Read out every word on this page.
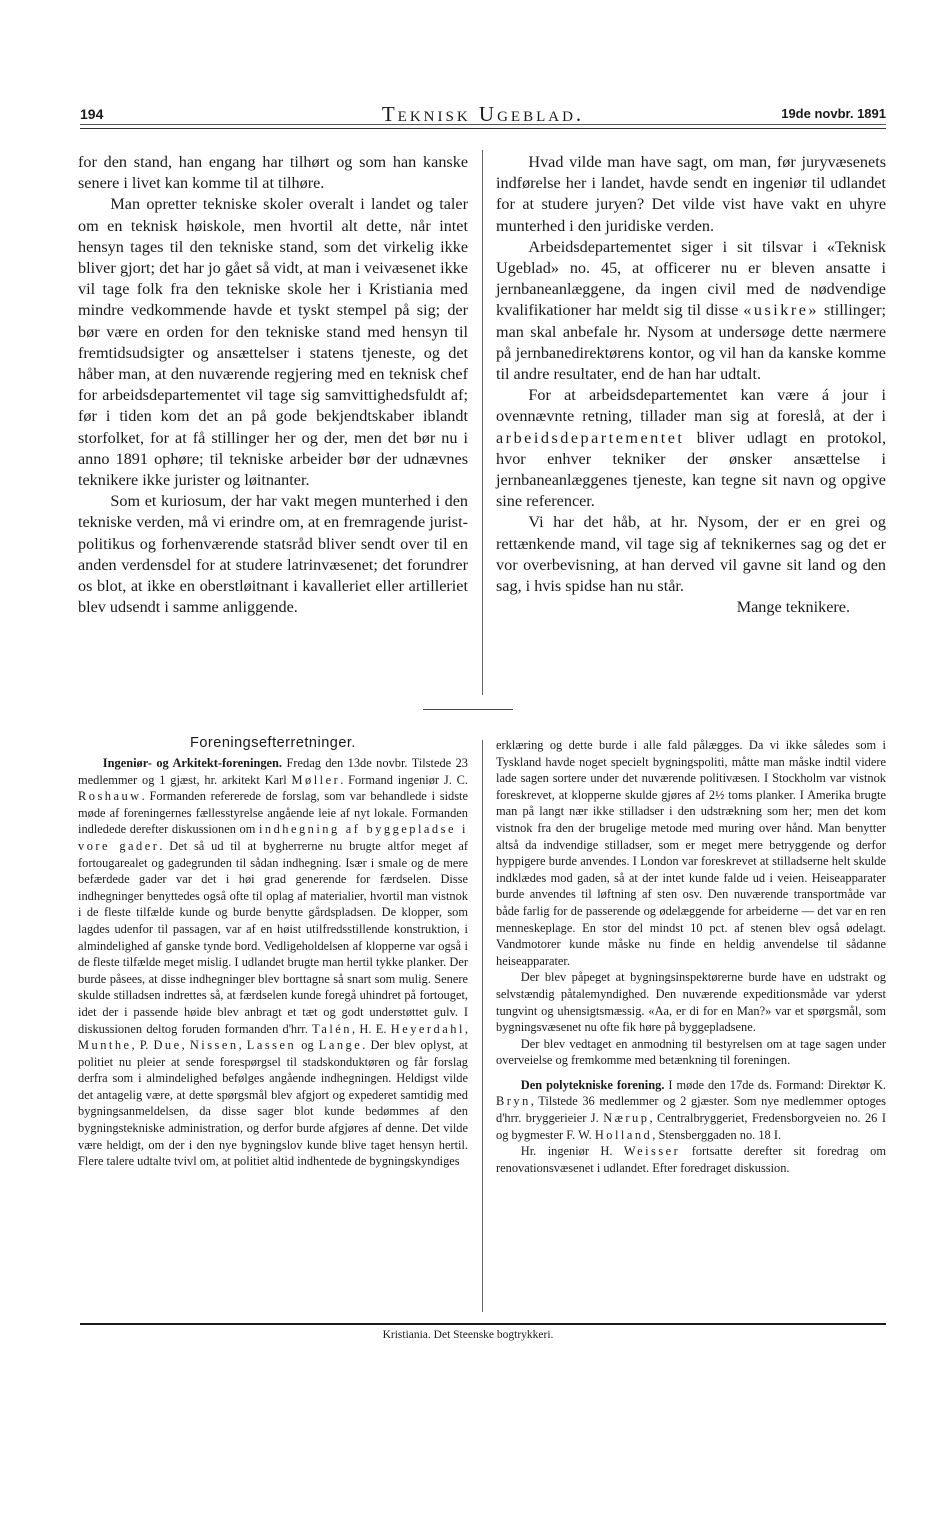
194	Teknisk Ugeblad.	19de novbr. 1891

for den stand, han engang har tilhørt og som han kanske senere i livet kan komme til at tilhøre.

Man opretter tekniske skoler overalt i landet og taler om en teknisk høiskole, men hvortil alt dette, når intet hensyn tages til den tekniske stand, som det virkelig ikke bliver gjort; det har jo gået så vidt, at man i veivæsenet ikke vil tage folk fra den tekniske skole her i Kristiania med mindre vedkommende havde et tyskt stempel på sig; der bør være en orden for den tekniske stand med hensyn til fremtidsudsigter og ansættelser i statens tjeneste, og det håber man, at den nuværende regjering med en teknisk chef for arbeidsdepartementet vil tage sig samvittighedsfuldt af; før i tiden kom det an på gode bekjendtskaber iblandt storfolket, for at få stillinger her og der, men det bør nu i anno 1891 ophøre; til tekniske arbeider bør der udnævnes teknikere ikke jurister og løitnanter.

Som et kuriosum, der har vakt megen munterhed i den tekniske verden, må vi erindre om, at en fremragende jurist-politikus og forhenværende statsråd bliver sendt over til en anden verdensdel for at studere latrinvæsenet; det forundrer os blot, at ikke en oberstløitnant i kavalleriet eller artilleriet blev udsendt i samme anliggende.

Hvad vilde man have sagt, om man, før juryvæsenets indførelse her i landet, havde sendt en ingeniør til udlandet for at studere juryen? Det vilde vist have vakt en uhyre munterhed i den juridiske verden.

Arbeidsdepartementet siger i sit tilsvar i «Teknisk Ugeblad» no. 45, at officerer nu er bleven ansatte i jernbaneanlæggene, da ingen civil med de nødvendige kvalifikationer har meldt sig til disse «usikre» stillinger; man skal anbefale hr. Nysom at undersøge dette nærmere på jernbanedirektørens kontor, og vil han da kanske komme til andre resultater, end de han har udtalt.

For at arbeidsdepartementet kan være á jour i ovennævnte retning, tillader man sig at foreslå, at der i arbeidsdepartementet bliver udlagt en protokol, hvor enhver tekniker der ønsker ansættelse i jernbaneanlæggenes tjeneste, kan tegne sit navn og opgive sine referencer.

Vi har det håb, at hr. Nysom, der er en grei og rettænkende mand, vil tage sig af teknikernes sag og det er vor overbevisning, at han derved vil gavne sit land og den sag, i hvis spidse han nu står.

Mange teknikere.

Foreningsefterretninger.

Ingeniør- og Arkitekt-foreningen. Fredag den 13de novbr. Tilstede 23 medlemmer og 1 gjæst, hr. arkitekt Karl Møller. Formand ingeniør J. C. Roshauw. Formanden refererede de forslag, som var behandlede i sidste møde af foreningernes fællesstyrelse angående leie af nyt lokale. Formanden indledede derefter diskussionen om indhegning af byggepladse i vore gader. Det så ud til at bygherrerne nu brugte altfor meget af fortougarealet og gadegrunden til sådan indhegning. Især i smale og de mere befærdede gader var det i høi grad generende for færdselen. Disse indhegninger benyttedes også ofte til oplag af materialier, hvortil man vistnok i de fleste tilfælde kunde og burde benytte gårdspladsen. De klopper, som lagdes udenfor til passagen, var af en høist utilfredsstillende konstruktion, i almindelighed af ganske tynde bord. Vedligeholdelsen af klopperne var også i de fleste tilfælde meget mislig. I udlandet brugte man hertil tykke planker. Der burde påsees, at disse indhegninger blev borttagne så snart som mulig. Senere skulde stilladsen indrettes så, at færdselen kunde foregå uhindret på fortouget, idet der i passende høide blev anbragt et tæt og godt understøttet gulv. I diskussionen deltog foruden formanden d'hrr. Talén, H. E. Heyerdahl, Munthe, P. Due, Nissen, Lassen og Lange. Der blev oplyst, at politiet nu pleier at sende forespørgsel til stadskonduktøren og får forslag derfra som i almindelighed befølges angående indhegningen. Heldigst vilde det antagelig være, at dette spørgsmål blev afgjort og expederet samtidig med bygningsanmeldelsen, da disse sager blot kunde bedømmes af den bygningstekniske administration, og derfor burde afgjøres af denne. Det vilde være heldigt, om der i den nye bygningslov kunde blive taget hensyn hertil. Flere talere udtalte tvivl om, at politiet altid indhentede de bygningskyndiges

erklæring og dette burde i alle fald pålægges. Da vi ikke således som i Tyskland havde noget specielt bygningspoliti, måtte man måske indtil videre lade sagen sortere under det nuværende politivæsen. I Stockholm var vistnok foreskrevet, at klopperne skulde gjøres af 2½ toms planker. I Amerika brugte man på langt nær ikke stilladser i den udstrækning som her; men det kom vistnok fra den der brugelige metode med muring over hånd. Man benytter altså da indvendige stilladser, som er meget mere betryggende og derfor hyppigere burde anvendes. I London var foreskrevet at stilladserne helt skulde indklædes mod gaden, så at der intet kunde falde ud i veien. Heiseapparater burde anvendes til løftning af sten osv. Den nuværende transportmåde var både farlig for de passerende og ødelæggende for arbeiderne — det var en ren menneskeplage. En stor del mindst 10 pct. af stenen blev også ødelagt. Vandmotorer kunde måske nu finde en heldig anvendelse til sådanne heiseapparater.

Der blev påpeget at bygningsinspektørerne burde have en udstrakt og selvstændig påtalemyndighed. Den nuværende expeditionsmåde var yderst tungvint og uhensigtsmæssig. «Aa, er di for en Man?» var et spørgsmål, som bygningsvæsenet nu ofte fik høre på byggepladsene.

Der blev vedtaget en anmodning til bestyrelsen om at tage sagen under overveielse og fremkomme med betænkning til foreningen.

Den polytekniske forening. I møde den 17de ds. Formand: Direktør K. Bryn, Tilstede 36 medlemmer og 2 gjæster. Som nye medlemmer optoges d'hrr. bryggerieier J. Nærup, Centralbryggeriet, Fredensborgveien no. 26 I og bygmester F. W. Holland, Stensberggaden no. 18 I.

Hr. ingeniør H. Weisser fortsatte derefter sit foredrag om renovationsvæsenet i udlandet. Efter foredraget diskussion.

Kristiania. Det Steenske bogtrykkeri.
